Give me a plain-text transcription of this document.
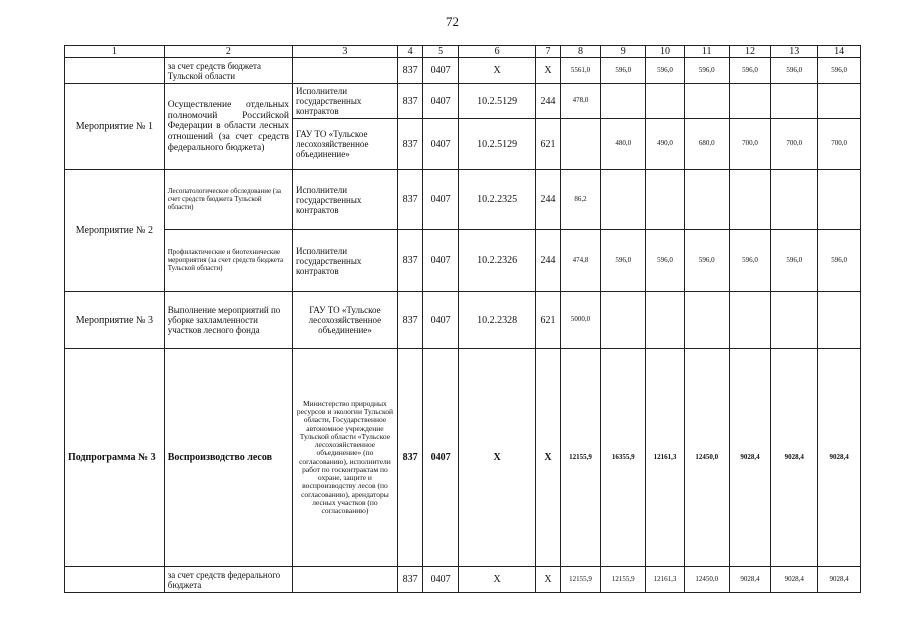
72
1	2	3	4	5	6	7	8	9	10	11	12	13	14
	за счет средств бюджета Тульской области		837	0407	X	X	5561,0	596,0	596,0	596,0	596,0	596,0	596,0
Мероприятие № 1	Осуществление отдельных полномочий Российской Федерации в области лесных отношений (за счет средств федерального бюджета)	Исполнители государственных контрактов	837	0407	10.2.5129	244	478,0						
		ГАУ ТО «Тульское лесохозяйственное объединение»	837	0407	10.2.5129	621		480,0	490,0	680,0	700,0	700,0	700,0
Мероприятие № 2	Лесопатологическое обследование (за счет средств бюджета Тульской области)	Исполнители государственных контрактов	837	0407	10.2.2325	244	86,2						
	Профилактические и биотехнические мероприятия (за счет средств бюджета Тульской области)	Исполнители государственных контрактов	837	0407	10.2.2326	244	474,8	596,0	596,0	596,0	596,0	596,0	596,0
Мероприятие № 3	Выполнение мероприятий по уборке захламленности участков лесного фонда	ГАУ ТО «Тульское лесохозяйственное объединение»	837	0407	10.2.2328	621	5000,0						
Подпрограмма № 3	Воспроизводство лесов	Министерство природных ресурсов и экологии Тульской области, Государственное автономное учреждение Тульской области «Тульское лесохозяйственное объединение» (по согласованию), исполнители работ по госконтрактам по охране, защите и воспроизводству лесов (по согласованию), арендаторы лесных участков (по согласованию)	837	0407	X	X	12155,9	16355,9	12161,3	12450,0	9028,4	9028,4	9028,4
	за счет средств федерального бюджета		837	0407	X	X	12155,9	12155,9	12161,3	12450,0	9028,4	9028,4	9028,4
